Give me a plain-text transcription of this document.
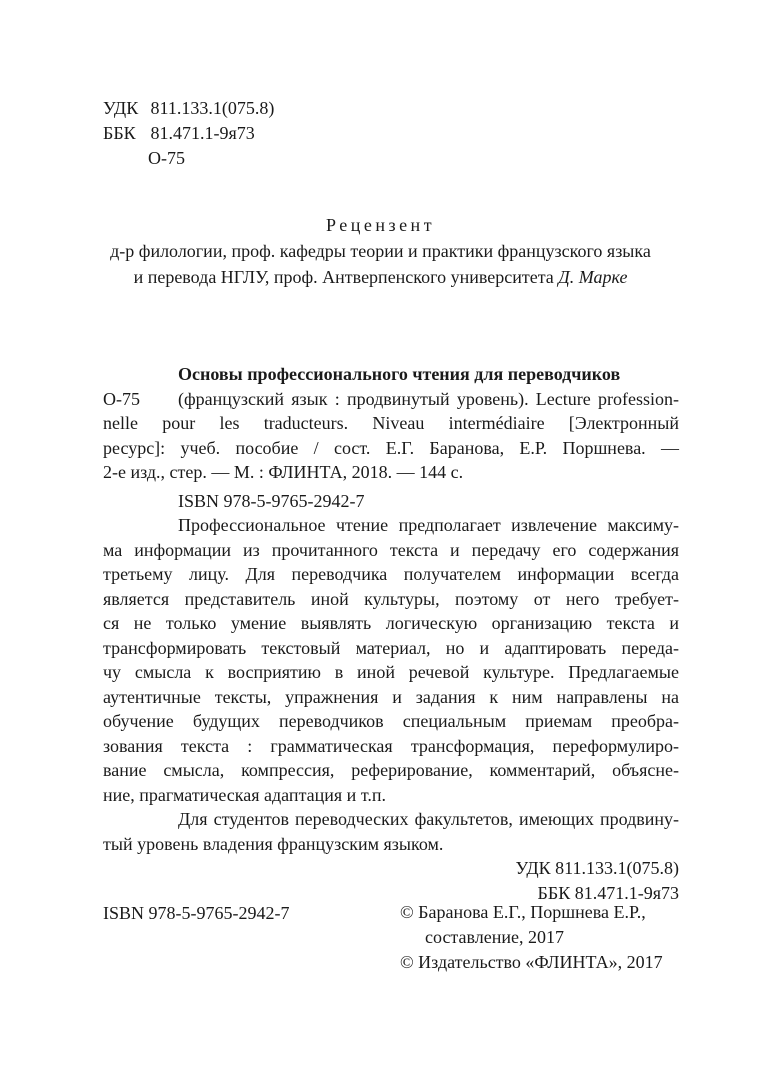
УДК 811.133.1(075.8)
ББК 81.471.1-9я73
О-75
Рецензент
д-р филологии, проф. кафедры теории и практики французского языка
и перевода НГЛУ, проф. Антверпенского университета Д. Марке
Основы профессионального чтения для переводчиков
О-75	(французский язык : продвинутый уровень). Lecture profession-
nelle pour les traducteurs. Niveau intermédiaire [Электронный
ресурс]: учеб. пособие / сост. Е.Г. Баранова, Е.Р. Поршнева. —
2-е изд., стер. — М. : ФЛИНТА, 2018. — 144 с.
ISBN 978-5-9765-2942-7
Профессиональное чтение предполагает извлечение максиму-
ма информации из прочитанного текста и передачу его содержания
третьему лицу. Для переводчика получателем информации всегда
является представитель иной культуры, поэтому от него требует-
ся не только умение выявлять логическую организацию текста и
трансформировать текстовый материал, но и адаптировать переда-
чу смысла к восприятию в иной речевой культуре. Предлагаемые
аутентичные тексты, упражнения и задания к ним направлены на
обучение будущих переводчиков специальным приемам преобра-
зования текста : грамматическая трансформация, переформулиро-
вание смысла, компрессия, реферирование, комментарий, объясне-
ние, прагматическая адаптация и т.п.
Для студентов переводческих факультетов, имеющих продвину-
тый уровень владения французским языком.
УДК 811.133.1(075.8)
ББК 81.471.1-9я73
ISBN 978-5-9765-2942-7	© Баранова Е.Г., Поршнева Е.Р.,
составление, 2017
© Издательство «ФЛИНТА», 2017
